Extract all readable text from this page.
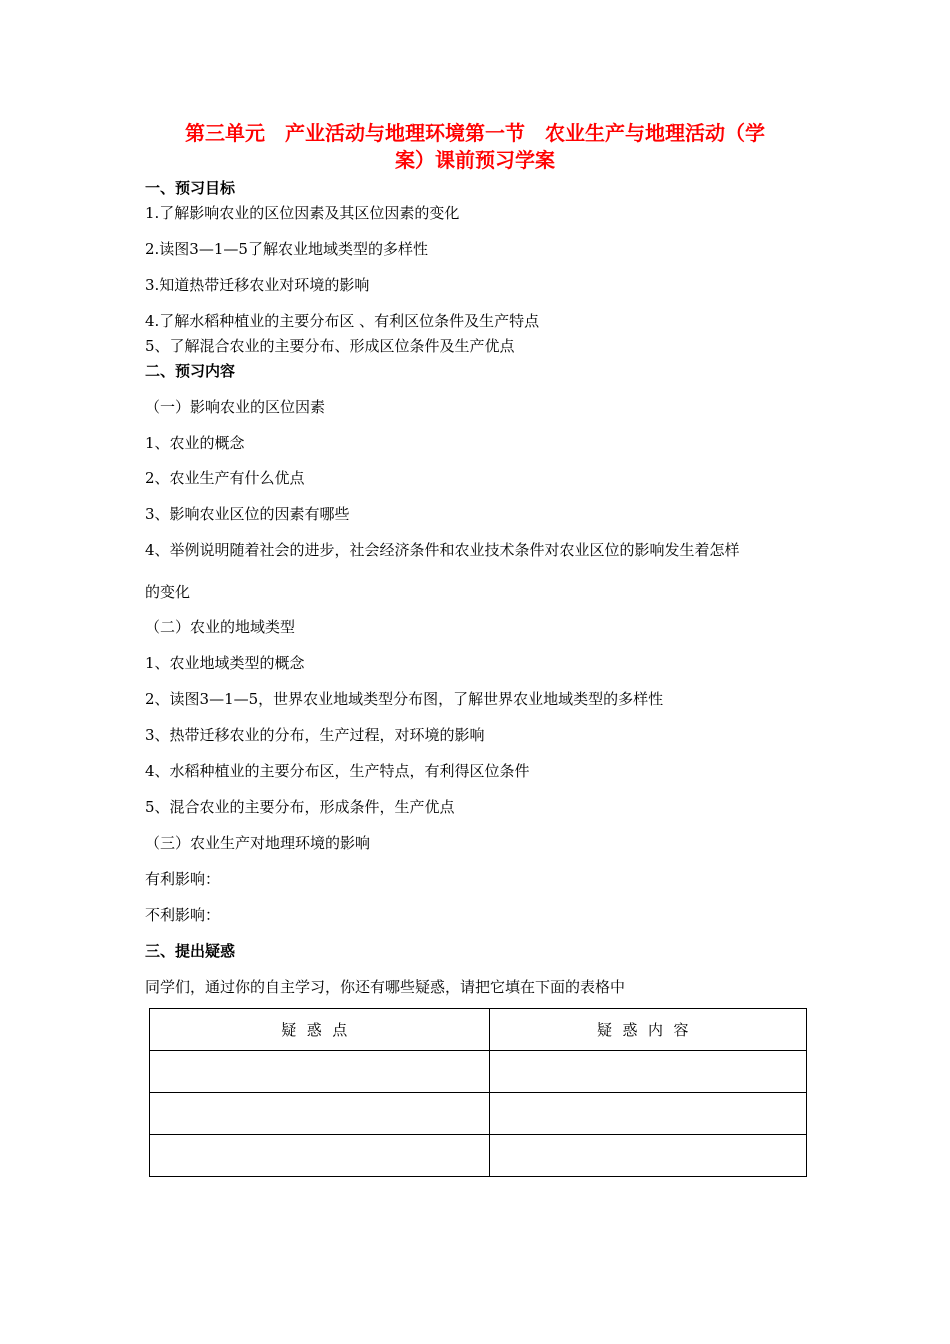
第三单元　产业活动与地理环境第一节　农业生产与地理活动（学
案）课前预习学案
一、预习目标
1.了解影响农业的区位因素及其区位因素的变化
2.读图3—1—5了解农业地域类型的多样性
3.知道热带迁移农业对环境的影响
4.了解水稻种植业的主要分布区 、有利区位条件及生产特点
5、了解混合农业的主要分布、形成区位条件及生产优点
二、预习内容
（一）影响农业的区位因素
1、农业的概念
2、农业生产有什么优点
3、影响农业区位的因素有哪些
4、举例说明随着社会的进步，社会经济条件和农业技术条件对农业区位的影响发生着怎样
的变化
（二）农业的地域类型
1、农业地域类型的概念
2、读图3—1—5，世界农业地域类型分布图，了解世界农业地域类型的多样性
3、热带迁移农业的分布，生产过程，对环境的影响
4、水稻种植业的主要分布区，生产特点，有利得区位条件
5、混合农业的主要分布，形成条件，生产优点
（三）农业生产对地理环境的影响
有利影响：
不利影响：
三、提出疑惑
同学们，通过你的自主学习，你还有哪些疑惑，请把它填在下面的表格中
疑惑点	疑惑内容
